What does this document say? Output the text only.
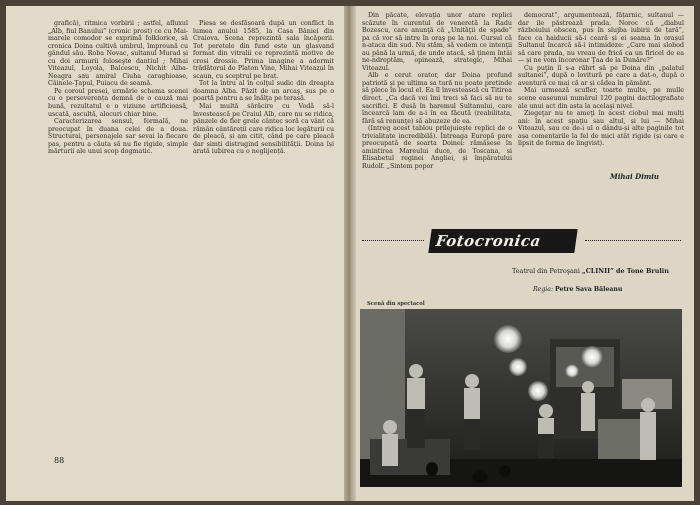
grafică), ritmica vorbirii ; astfel, afluxul „Alb, fiul Banului” (cronic prost) ce cu Mai-marele comodor se exprimă folklorice, să cronica Doina cultivă umbrul, împreună cu gândul său. Roba Novac, sultanul Murad și cu doi armurii foloseşte dantiul ; Mihai Viteazul, Loyola, Balcescu, Nichit Alba-Neagra sau amiral Ciuha caraghioase, Câinele-Ţapul, Puiacu de seamă.

Pe coroul presei, urmărie schema scenei cu o perseverența demnă de o cauză mai bună, rezultatul e o viziune artificioasă, uscată, ascultă, alocuri chiar bine.

Caracterizarea sensul, formală, ne preocupat în duana celei de a doua. Structurai, personajele sar sevai la fiecare pas, pentru a căuta să nu fie rigide, simple mărturii ale unui scop dogmatic.

Piesa se desfășoară după un conflict în lumea anului 1585, la Casa Băniei din Craiova. Scena reprezintă sala încăperii. Tot peretele din fund este un glasvand format din vitralii ce reprezintă motive de crosi drossie. Prima imagine a adormit trădătorul de Platon Vine, Mihai Viteazul în scaun, cu sceptrul pe braț.

Tot la întru al în colţul sudic din dreapta doamna Alba. Păzit de un arcaş, sus pe o poartă pentru a se înălţa pe terasă.

Mai multă sărăcire cu Vodă să-l învestească pe Craiul Alb, care nu se ridica, pânzele de fier grele cântec soră ca vânt că rămân cântăreții care ridica loc legăturii cu de pleacă, și am citit, când pe care pleacă dar simți distrugind sensibilității. Doina își arată iubirea cu o neglijență.

88

Din păcate, elevaţia unor atare replici scăzute în curentul de veneretă la Radu Bozescu, care anunţă că „Unităţii de spade” pa că vor să intre în oraş pe la noi. Cursul că n-ataca din sud. Nu stăm, să vedem ce intenţii au până la urmă, de unde atacă, să ţinem întâi ne-ndreptăm, opinează, strategic, Mihai Viteazul.

Alb e cerut orator, dar Doina profund patriotă și pe ultima sa tură nu poate pretinde să plece în locul el. Ea îl învestească cu Titirea direct. „Ca dacă vei îmi treci să faci să nu te sacrifici. E dusă în haremul Sultanului, care încearcă lam de a-i în ea făcută (reabilitata, fără să renunţe) să abuzeze de ea.

(Intreg acest tablou prilejuiește replici de o trivialitate incredibilă). Întreaga Europă pare preocupată de soarta Doinei: rămăsese în amintirea Mareului duce, de Toscana, și Elisabetul reginei Angliei, și împăratului Rudolf. „Sintem popor

democrat”, argumentează, fățarnic, sultanul — dar ile păstrează prada. Noroc că „diabul războiului obscen, pus în slujba iubirii de țară”, face ca haiducii să-i ceară și ei seama în orașul Sultanul încarcă să-i intimideze: „Care mai slobod să care prada, nu vreau de frică ca un firicel de ea — și ne vom încoronar Ţaa de la Dunăre?”

Cu puţin îi s-a răbrt să pe Doina din „palatul sultanei”, după o lovitură pe care a dat-o, după o aventură ce mai că ar și cădea în pământ.

Mai urmează scufler, toarte multe, pe mulle scene easeunui numărul 120 pagini dactilografiate ale unui act din asta la acelaşi nivel.

Ziegeţar nu te ameţi în acest ciobul mai mulţi ani: în acest spaţiu sau altul, și lui — Mihai Viteazul, sau ce de-i ul o dându-și alte paginile tot așa comentarile la fel de mici atât rigide (și care e lipsit de forma de lingvist).

Mihai Dimiu
Fotocronica
Teatrul din Petroşani „CLINII” de Tone Brulin
Regia: Petre Sava Băleanu
Scenă din spectacol
